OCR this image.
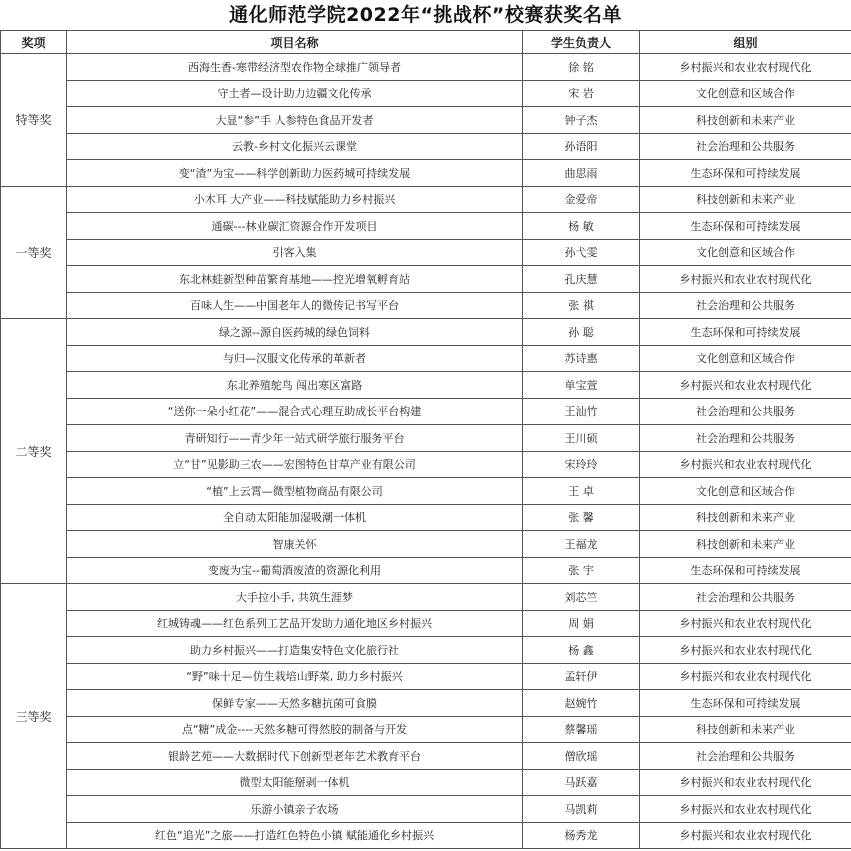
通化师范学院2022年“挑战杯”校赛获奖名单
奖项	项目名称	学生负责人	组别
特等奖	西海生香-寒带经济型农作物全球推广领导者	徐 铭	乡村振兴和农业农村现代化
	守土者—设计助力边疆文化传承	宋 岩	文化创意和区域合作
	大显“参”手 人参特色食品开发者	钟子杰	科技创新和未来产业
	云教-乡村文化振兴云课堂	孙语阳	社会治理和公共服务
	变“渣”为宝——科学创新助力医药城可持续发展	曲思雨	生态环保和可持续发展
一等奖	小木耳 大产业——科技赋能助力乡村振兴	金爱帝	科技创新和未来产业
	通碳---林业碳汇资源合作开发项目	杨 敏	生态环保和可持续发展
	引客入集	孙弋雯	文化创意和区域合作
	东北林蛙新型种苗繁育基地——控光增氧孵育站	孔庆慧	乡村振兴和农业农村现代化
	百味人生——中国老年人的微传记书写平台	张 祺	社会治理和公共服务
二等奖	绿之源--源自医药城的绿色饲料	孙 聪	生态环保和可持续发展
	与归—汉服文化传承的革新者	苏诗惠	文化创意和区域合作
	东北养殖鸵鸟 闯出寒区富路	单宝萱	乡村振兴和农业农村现代化
	“送你一朵小红花”——混合式心理互助成长平台构建	王汕竹	社会治理和公共服务
	青研知行——青少年一站式研学旅行服务平台	王川硕	社会治理和公共服务
	立“甘”见影助三农——宏图特色甘草产业有限公司	宋玲玲	乡村振兴和农业农村现代化
	“植”上云霄—微型植物商品有限公司	王 卓	文化创意和区域合作
	全自动太阳能加湿吸潮一体机	张 馨	科技创新和未来产业
	智康关怀	王福龙	科技创新和未来产业
	变废为宝--葡萄酒废渣的资源化利用	张 宇	生态环保和可持续发展
三等奖	大手拉小手, 共筑生涯梦	刘芯竺	社会治理和公共服务
	红城铸魂——红色系列工艺品开发助力通化地区乡村振兴	周 娟	乡村振兴和农业农村现代化
	助力乡村振兴——打造集安特色文化旅行社	杨 鑫	乡村振兴和农业农村现代化
	“野”味十足—仿生栽培山野菜, 助力乡村振兴	孟轩伊	乡村振兴和农业农村现代化
	保鲜专家——天然多糖抗菌可食膜	赵婉竹	生态环保和可持续发展
	点“糖”成金----天然多糖可得然胶的制备与开发	蔡馨瑶	科技创新和未来产业
	银龄艺苑——大数据时代下创新型老年艺术教育平台	僧欣瑶	社会治理和公共服务
	微型太阳能掰剥一体机	马跃嘉	乡村振兴和农业农村现代化
	乐游小镇亲子农场	马凯莉	乡村振兴和农业农村现代化
	红色“追光”之旅——打造红色特色小镇 赋能通化乡村振兴	杨秀龙	乡村振兴和农业农村现代化
